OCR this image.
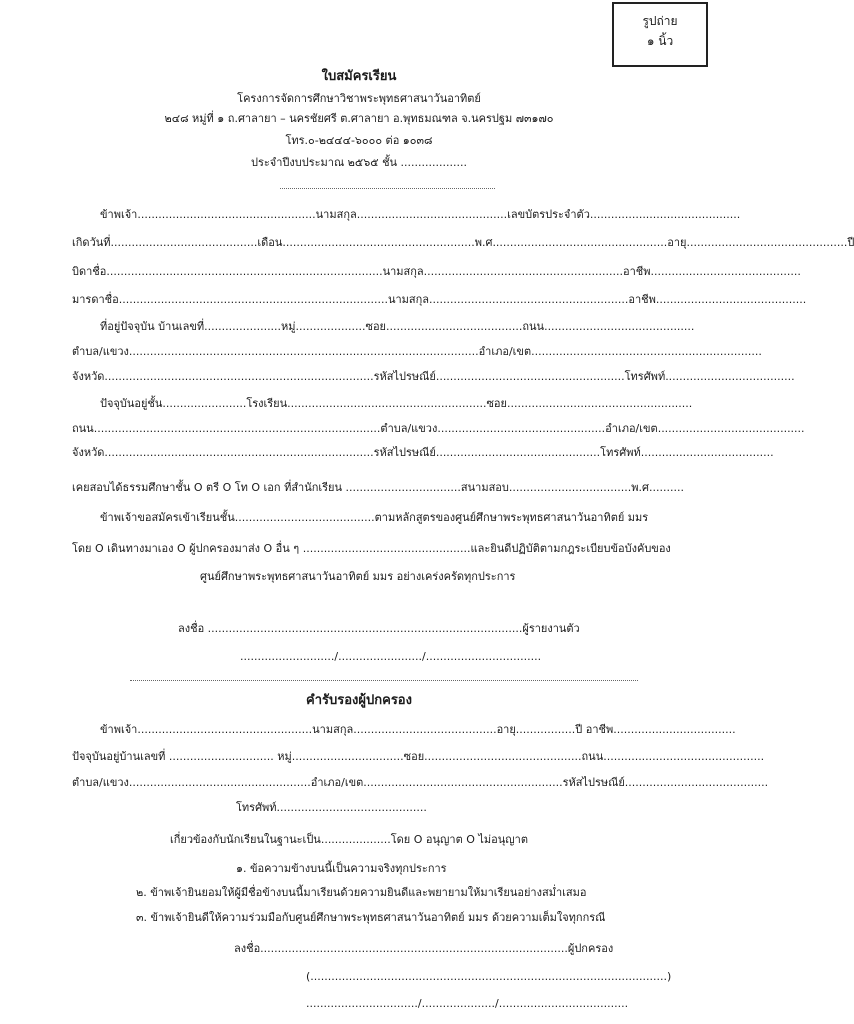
รูปถ่าย
๑ นิ้ว
ใบสมัครเรียน
โครงการจัดการศึกษาวิชาพระพุทธศาสนาวันอาทิตย์
๒๔๘ หมู่ที่ ๑ ถ.ศาลายา – นครชัยศรี ต.ศาลายา อ.พุทธมณฑล จ.นครปฐม ๗๓๑๗๐
โทร.๐-๒๔๔๔-๖๐๐๐ ต่อ ๑๐๓๘
ประจำปีงบประมาณ ๒๕๖๕ ชั้น ...................
ข้าพเจ้า...................................................นามสกุล...........................................เลขบัตรประจำตัว...........................................
เกิดวันที่..........................................เดือน.......................................................พ.ศ..................................................อายุ..............................................ปี
บิดาชื่อ...............................................................................นามสกุล.........................................................อาชีพ...........................................
มารดาชื่อ.............................................................................นามสกุล.........................................................อาชีพ...........................................
ที่อยู่ปัจจุบัน บ้านเลขที่......................หมู่....................ซอย.......................................ถนน...........................................
ตำบล/แขวง....................................................................................................อำเภอ/เขต..................................................................
จังหวัด.............................................................................รหัสไปรษณีย์......................................................โทรศัพท์.....................................
ปัจจุบันอยู่ชั้น........................โรงเรียน.........................................................ซอย.....................................................
ถนน..................................................................................ตำบล/แขวง................................................อำเภอ/เขต..........................................
จังหวัด.............................................................................รหัสไปรษณีย์...............................................โทรศัพท์......................................
เคยสอบได้ธรรมศึกษาชั้น O ตรี O โท O เอก ที่สำนักเรียน .................................สนามสอบ...................................พ.ศ..........
ข้าพเจ้าขอสมัครเข้าเรียนชั้น........................................ตามหลักสูตรของศูนย์ศึกษาพระพุทธศาสนาวันอาทิตย์ มมร
โดย O เดินทางมาเอง O ผู้ปกครองมาส่ง O อื่น ๆ ................................................และยินดีปฏิบัติตามกฎระเบียบข้อบังคับของ
ศูนย์ศึกษาพระพุทธศาสนาวันอาทิตย์ มมร อย่างเคร่งครัดทุกประการ
ลงชื่อ ..........................................................................................ผู้รายงานตัว
.........................../......................../.................................
คำรับรองผู้ปกครอง
ข้าพเจ้า..................................................นามสกุล.........................................อายุ.................ปี อาชีพ...................................
ปัจจุบันอยู่บ้านเลขที่ .............................. หมู่................................ซอย.............................................ถนน..............................................
ตำบล/แขวง....................................................อำเภอ/เขต.........................................................รหัสไปรษณีย์.........................................
โทรศัพท์...........................................
เกี่ยวข้องกับนักเรียนในฐานะเป็น....................โดย O อนุญาต O ไม่อนุญาต
๑. ข้อความข้างบนนี้เป็นความจริงทุกประการ
๒. ข้าพเจ้ายินยอมให้ผู้มีชื่อข้างบนนี้มาเรียนด้วยความยินดีและพยายามให้มาเรียนอย่างสม่ำเสมอ
๓. ข้าพเจ้ายินดีให้ความร่วมมือกับศูนย์ศึกษาพระพุทธศาสนาวันอาทิตย์ มมร ด้วยความเต็มใจทุกกรณี
ลงชื่อ........................................................................................ผู้ปกครอง
(......................................................................................................)
................................/...................../.....................................
